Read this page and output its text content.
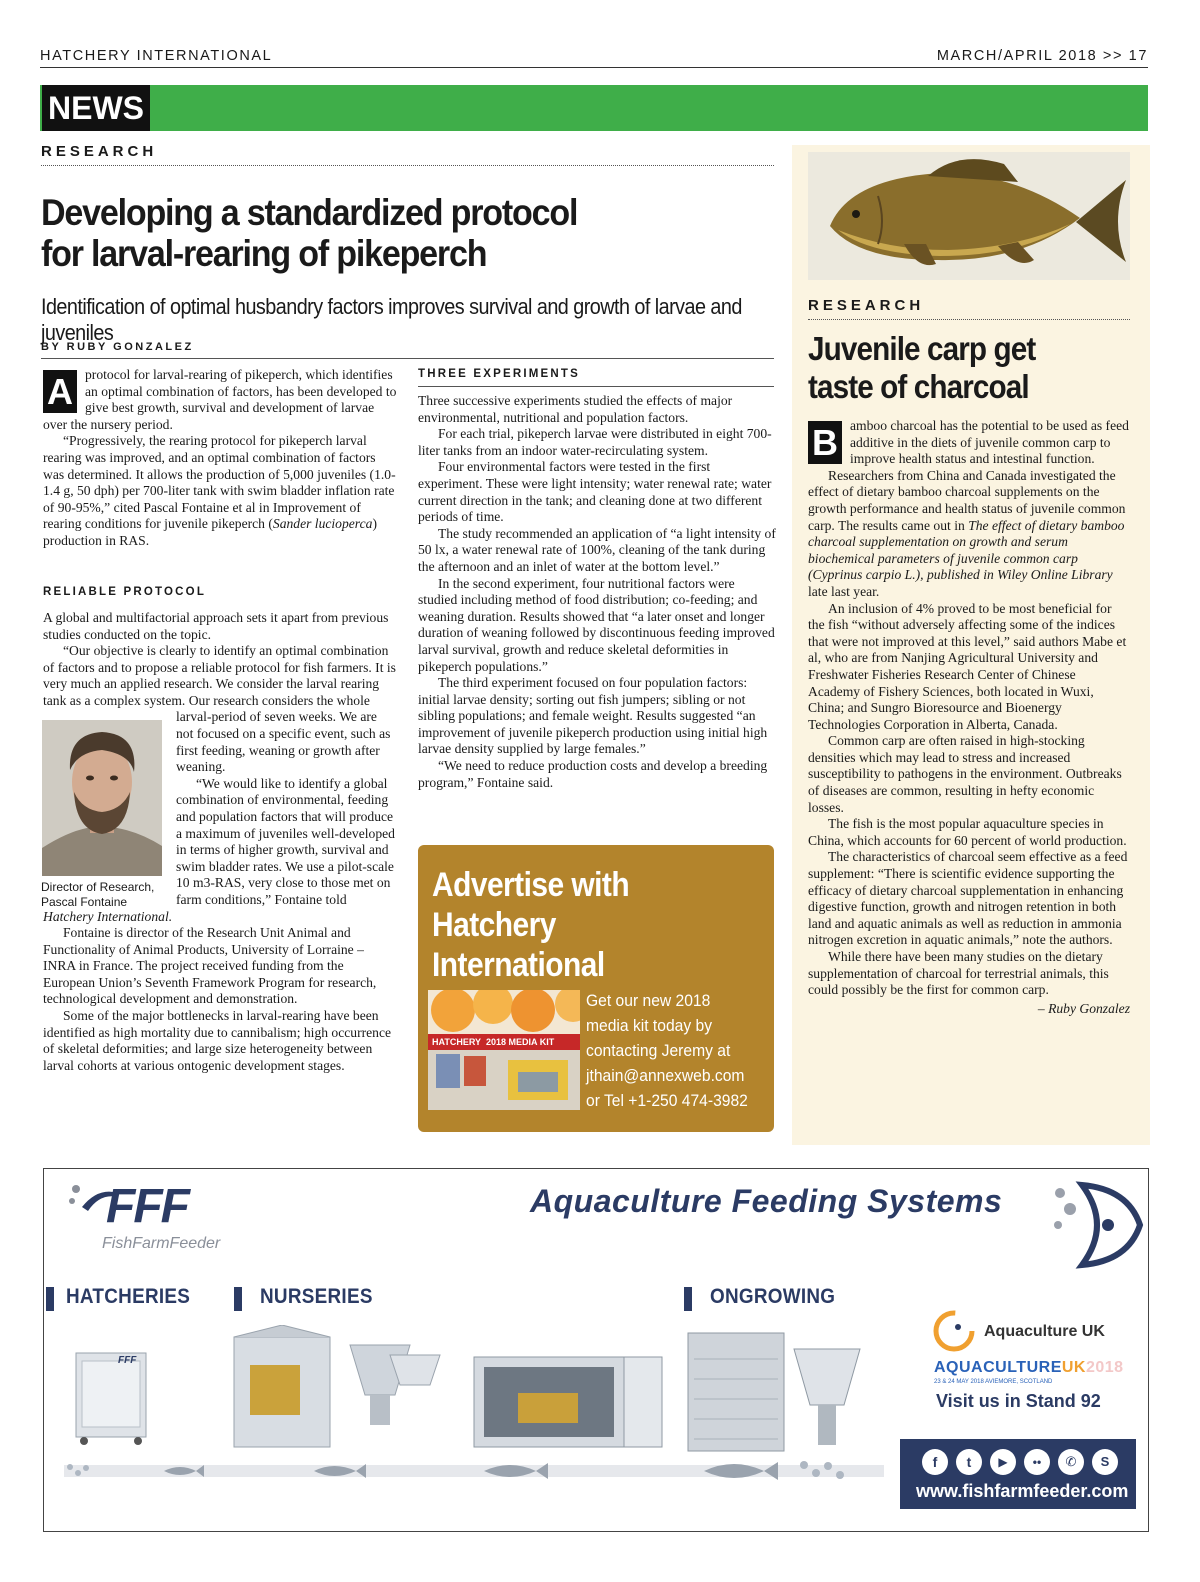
HATCHERY INTERNATIONAL	MARCH/APRIL 2018 >> 17
NEWS
RESEARCH
Developing a standardized protocol
for larval-rearing of pikeperch
Identification of optimal husbandry factors improves survival and growth of larvae and juveniles
BY RUBY GONZALEZ
A protocol for larval-rearing of pikeperch, which identifies an optimal combination of factors, has been developed to give best growth, survival and development of larvae over the nursery period.

“Progressively, the rearing protocol for pikeperch larval rearing was improved, and an optimal combination of factors was determined. It allows the production of 5,000 juveniles (1.0-1.4 g, 50 dph) per 700-liter tank with swim bladder inflation rate of 90-95%,” cited Pascal Fontaine et al in Improvement of rearing conditions for juvenile pikeperch (Sander lucioperca) production in RAS.

RELIABLE PROTOCOL

A global and multifactorial approach sets it apart from previous studies conducted on the topic.

“Our objective is clearly to identify an optimal combination of factors and to propose a reliable protocol for fish farmers. It is very much an applied research. We consider the larval rearing tank as a complex system. Our research considers the whole larval-period of seven weeks. We are not focused on a specific event, such as first feeding, weaning or growth after weaning.

“We would like to identify a global combination of environmental, feeding and population factors that will produce a maximum of juveniles well-developed in terms of higher growth, survival and swim bladder rates. We use a pilot-scale 10 m3-RAS, very close to those met on farm conditions,” Fontaine told Hatchery International.

Fontaine is director of the Research Unit Animal and Functionality of Animal Products, University of Lorraine – INRA in France. The project received funding from the European Union’s Seventh Framework Program for research, technological development and demonstration.

Some of the major bottlenecks in larval-rearing have been identified as high mortality due to cannibalism; high occurrence of skeletal deformities; and large size heterogeneity between larval cohorts at various ontogenic development stages.

Director of Research, Pascal Fontaine
THREE EXPERIMENTS

Three successive experiments studied the effects of major environmental, nutritional and population factors.

For each trial, pikeperch larvae were distributed in eight 700-liter tanks from an indoor water-recirculating system.

Four environmental factors were tested in the first experiment. These were light intensity; water renewal rate; water current direction in the tank; and cleaning done at two different periods of time.

The study recommended an application of “a light intensity of 50 lx, a water renewal rate of 100%, cleaning of the tank during the afternoon and an inlet of water at the bottom level.”

In the second experiment, four nutritional factors were studied including method of food distribution; co-feeding; and weaning duration. Results showed that “a later onset and longer duration of weaning followed by discontinuous feeding improved larval survival, growth and reduce skeletal deformities in pikeperch populations.”

The third experiment focused on four population factors: initial larvae density; sorting out fish jumpers; sibling or not sibling populations; and female weight. Results suggested “an improvement of juvenile pikeperch production using initial high larvae density supplied by large females.”

“We need to reduce production costs and develop a breeding program,” Fontaine said.

Advertise with
Hatchery International
HATCHERY 2018 MEDIA KIT
Get our new 2018 media kit today by contacting Jeremy at jthain@annexweb.com or Tel +1-250 474-3982
RESEARCH
Juvenile carp get taste of charcoal
B amboo charcoal has the potential to be used as feed additive in the diets of juvenile common carp to improve health status and intestinal function.

Researchers from China and Canada investigated the effect of dietary bamboo charcoal supplements on the growth performance and health status of juvenile common carp. The results came out in The effect of dietary bamboo charcoal supplementation on growth and serum biochemical parameters of juvenile common carp (Cyprinus carpio L.), published in Wiley Online Library late last year.

An inclusion of 4% proved to be most beneficial for the fish “without adversely affecting some of the indices that were not improved at this level,” said authors Mabe et al, who are from Nanjing Agricultural University and Freshwater Fisheries Research Center of Chinese Academy of Fishery Sciences, both located in Wuxi, China; and Sungro Bioresource and Bioenergy Technologies Corporation in Alberta, Canada.

Common carp are often raised in high-stocking densities which may lead to stress and increased susceptibility to pathogens in the environment. Outbreaks of diseases are common, resulting in hefty economic losses.

The fish is the most popular aquaculture species in China, which accounts for 60 percent of world production.

The characteristics of charcoal seem effective as a feed supplement: “There is scientific evidence supporting the efficacy of dietary charcoal supplementation in enhancing digestive function, growth and nitrogen retention in both land and aquatic animals as well as reduction in ammonia nitrogen excretion in aquatic animals,” note the authors.

While there have been many studies on the dietary supplementation of charcoal for terrestrial animals, this could possibly be the first for common carp.

– Ruby Gonzalez

FFF
FishFarmFeeder
Aquaculture Feeding Systems
HATCHERIES	NURSERIES	ONGROWING
FFF
Aquaculture UK
AQUACULTUREUK2018
23 & 24 MAY 2018 AVIEMORE, SCOTLAND
Visit us in Stand 92
f	t	▶	••	✆	S
www.fishfarmfeeder.com
